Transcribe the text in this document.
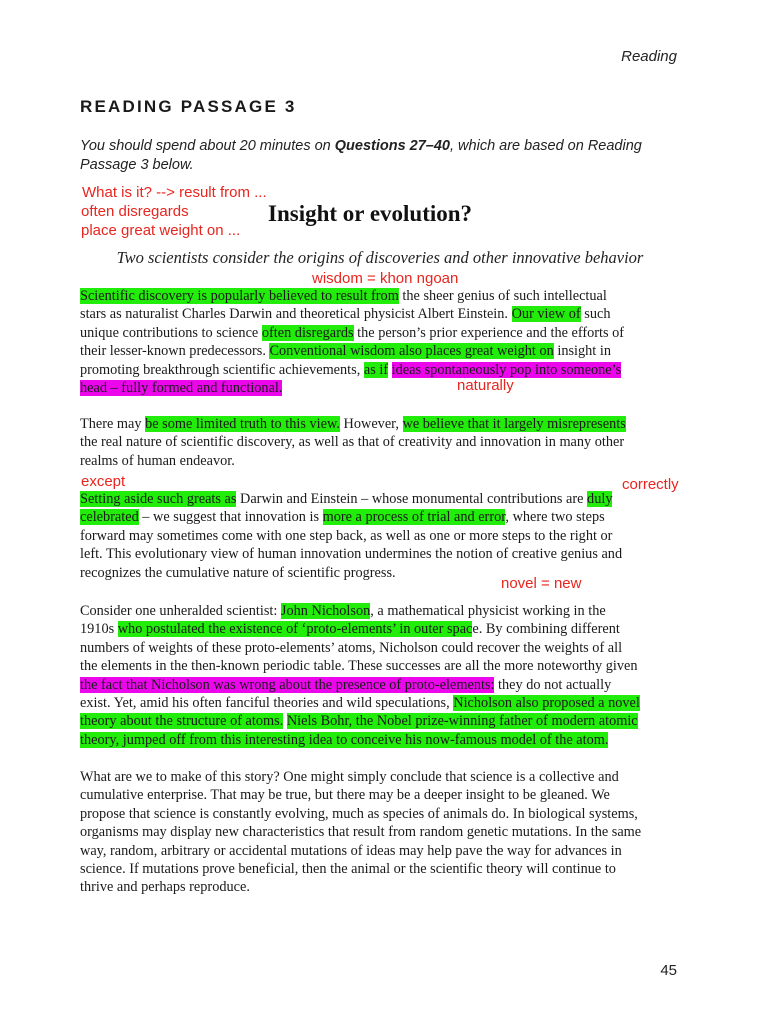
Reading
READING PASSAGE 3
You should spend about 20 minutes on Questions 27–40, which are based on Reading
Passage 3 below.
What is it? --> result from ...
often disregards
place great weight on ...
Insight or evolution?
Two scientists consider the origins of discoveries and other innovative behavior
wisdom = khon ngoan
Scientific discovery is popularly believed to result from the sheer genius of such intellectual
stars as naturalist Charles Darwin and theoretical physicist Albert Einstein. Our view of such
unique contributions to science often disregards the person’s prior experience and the efforts of
their lesser-known predecessors. Conventional wisdom also places great weight on insight in
promoting breakthrough scientific achievements, as if ideas spontaneously pop into someone’s
head – fully formed and functional.	naturally
There may be some limited truth to this view. However, we believe that it largely misrepresents
the real nature of scientific discovery, as well as that of creativity and innovation in many other
realms of human endeavor.
except	correctly
Setting aside such greats as Darwin and Einstein – whose monumental contributions are duly
celebrated – we suggest that innovation is more a process of trial and error, where two steps
forward may sometimes come with one step back, as well as one or more steps to the right or
left. This evolutionary view of human innovation undermines the notion of creative genius and
recognizes the cumulative nature of scientific progress.
novel = new
Consider one unheralded scientist: John Nicholson, a mathematical physicist working in the
1910s who postulated the existence of ‘proto-elements’ in outer space. By combining different
numbers of weights of these proto-elements’ atoms, Nicholson could recover the weights of all
the elements in the then-known periodic table. These successes are all the more noteworthy given
the fact that Nicholson was wrong about the presence of proto-elements: they do not actually
exist. Yet, amid his often fanciful theories and wild speculations, Nicholson also proposed a novel
theory about the structure of atoms. Niels Bohr, the Nobel prize-winning father of modern atomic
theory, jumped off from this interesting idea to conceive his now-famous model of the atom.
What are we to make of this story? One might simply conclude that science is a collective and
cumulative enterprise. That may be true, but there may be a deeper insight to be gleaned. We
propose that science is constantly evolving, much as species of animals do. In biological systems,
organisms may display new characteristics that result from random genetic mutations. In the same
way, random, arbitrary or accidental mutations of ideas may help pave the way for advances in
science. If mutations prove beneficial, then the animal or the scientific theory will continue to
thrive and perhaps reproduce.
45
